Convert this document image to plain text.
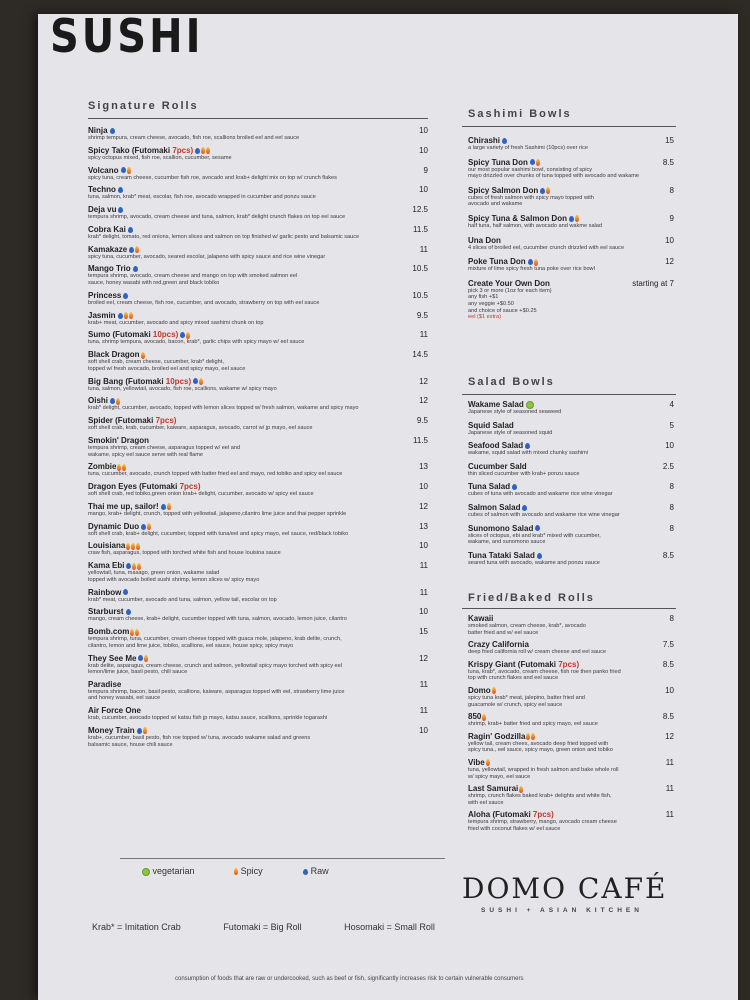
SUSHI
Signature Rolls
Ninja
shrimp tempura, cream cheese, avocado, fish roe, scallions broiled eel and eel sauce
10
Spicy Tako (Futomaki 7pcs)
spicy octopus mixed, fish roe, scallion, cucumber, sesame
10
Volcano
spicy tuna, cream cheese, cucumber fish roe, avocado and krab+ delight mix on top w/ crunch flakes
9
Techno
tuna, salmon, krab* meat, escolar, fish roe, avocado wrapped in cucumber and ponzu sauce
10
Deja vu
tempura shrimp, avocado, cream cheese and tuna, salmon, krab* delight crunch flakes on top eel sauce
12.5
Cobra Kai
krab* delight, tomato, red onions, lemon slices and salmon on top finished w/ garlic pesto and balsamic sauce
11.5
Kamakaze
spicy tuna, cucumber, avocado, seared escolar, jalapeno with spicy sauce and rice wine vinegar
11
Mango Trio
tempura shrimp, avocado, cream cheese and mango on top with smoked salmon eel
sauce, honey wasabi with red,green and black tobiko
10.5
Princess
broiled eel, cream cheese, fish roe, cucumber, and avocado, strawberry on top with eel sauce
10.5
Jasmin
krab+ meat, cucumber, avocado and spicy mixed sashimi chunk on top
9.5
Sumo (Futomaki 10pcs)
tuna, shrimp tempura, avocado, bacon, krab*, garlic chips with spicy mayo w/ eel sauce
11
Black Dragon
soft shell crab, cream cheese, cucumber, krab* delight,
topped w/ fresh avocado, broiled eel and spicy mayo, eel sauce
14.5
Big Bang (Futomaki 10pcs)
tuna, salmon, yellowtail, avocado, fish roe, scallions, wakame w/ spicy mayo
12
Oishi
krab* delight, cucumber, avocado, topped with lemon slices topped w/ fresh salmon, wakame and spicy mayo
12
Spider (Futomaki 7pcs)
soft shell crab, krab, cucumber, kaiware, asparagus, avocado, carrot w/ jp mayo, eel sauce
9.5
Smokin' Dragon
tempura shrimp, cream cheese, asparagus topped w/ eel and
wakame, spicy eel sauce serve with real flame
11.5
Zombie
tuna, cucumber, avocado, crunch topped with batter fried eel and mayo, red tobiko and spicy eel sauce
13
Dragon Eyes (Futomaki 7pcs)
soft shell crab, red tobiko,green onion krab+ delight, cucumber, avocado w/ spicy eel sauce
10
Thai me up, sailor!
mango, krab+ delight, crunch, topped with yellowtail, jalapeno,cilantro lime juice and thai pepper sprinkle
12
Dynamic Duo
soft shell crab, krab+ delight, cucumber, topped with tuna/eel and spicy mayo, eel sauce, red/black tobiko
13
Louisiana
craw fish, asparagus, topped with torched white fish and house louisina sauce
10
Kama Ebi
yellowtail, tuna, masago, green onion, wakame salad
topped with avocado boiled sushi shrimp, lemon slices w/ spicy mayo
11
Rainbow
krab* meat, cucumber, avocado and tuna, salmon, yellow tail, escolar on top
11
Starburst
mango, cream cheese, krab+ delight, cucumber topped with tuna, salmon, avocado, lemon juice, cilantro
10
Bomb.com
tempura shrimp, tuna, cucumber, cream cheese topped with guaca mole, jalapeno, krab delite, crunch,
cilantro, lemon and lime juice, tobiko, scallions, eel sauce, house spicy, spicy mayo
15
They See Me
krab delite, asparagus, cream cheese, crunch and salmon, yellowtail spicy mayo torched with spicy eel
lemon/lime juice, basil pesto, chili sauce
12
Paradise
tempura shrimp, bacon, basil pesto, scallions, kaiware, asparagus topped with eel, strawberry lime juice
and honey wasabi, eel sauce
11
Air Force One
krab, cucumber, avocado topped w/ katsu fish jp mayo, katsu sauce, scallions, sprinkle togarashi
11
Money Train
krab+, cucumber, basil pesto, fish roe topped w/ tuna, avocado wakame salad and greens
balsamic sauce, house chili sauce
10
Sashimi Bowls
Chirashi
a large variety of fresh Sashimi (10pcs) over rice
15
Spicy Tuna Don
our most popular sashimi bowl, consisting of spicy
mayo drizzled over chunks of tuna topped with avocado and wakame
8.5
Spicy Salmon Don
cubes of fresh salmon with spicy mayo topped with
avocado and wakame
8
Spicy Tuna & Salmon Don
half tuna, half salmon, with avocado and wakme salad
9
Una Don
4 slices of broiled eel, cucumber crunch drizzled with eel sauce
10
Poke Tuna Don
mixture of lime spicy fresh tuna poke over rice bowl
12
Create Your Own Don
pick 3 or more (1oz for each item)
any fish +$1
any veggie +$0.50
and choice of sauce +$0.25
eel ($1 extra)
starting at 7
Salad Bowls
Wakame Salad
Japanese style of seasoned seaweed
4
Squid Salad
Japanese style of seasoned squid
5
Seafood Salad
wakame, squid salad with mixed chunky sashimi
10
Cucumber Sald
thin sliced cucumber with krab+ ponzu sauce
2.5
Tuna Salad
cubes of tuna with avocado and wakame rice wine vinegar
8
Salmon Salad
cubes of salmon with avocado and wakame rice wine vinegar
8
Sunomono Salad
slices of octopus, ebi and krab* mixed with cucumber,
wakame, and sunomono sauce
8
Tuna Tataki Salad
seared tuna with avocado, wakame and ponzu sauce
8.5
Fried/Baked Rolls
Kawaii
smoked salmon, cream cheese, krab*, avocado
batter fried and w/ eel sauce
8
Crazy California
deep fried california roll w/ cream cheese and eel sauce
7.5
Krispy Giant (Futomaki 7pcs)
tuna, krab*, avocado, cream cheese, fish roe then panko fried
top with crunch flakes and eel sauce
8.5
Domo
spicy tuna krab* meat, jalepino, batter fried and
guacamole w/ crunch, spicy eel sauce
10
850
shrimp, krab+ batter fried and spicy mayo, eel sauce
8.5
Ragin' Godzilla
yellow tail, cream chees, avocado deep fried topped with
spicy tuna., eel sauce, spicy mayo, green onion and tobiko
12
Vibe
tuna, yellowtail, wrapped in fresh salmon and bake whole roll
w/ spicy mayo, eel sauce
11
Last Samurai
shrimp, crunch flakes baked krab+ delights and white fish,
with eel sauce
11
Aloha (Futomaki 7pcs)
tempura shrimp, strawberry, mango, avocado cream cheese
fried with coconut flakes w/ eel sauce
11
vegetarian	Spicy	Raw
Krab* = Imitation Crab	Futomaki = Big Roll	Hosomaki = Small Roll
DOMO CAFÉ
SUSHI + ASIAN KITCHEN
consumption of foods that are raw or undercooked, such as beef or fish, significantly increases risk to certain vulnerable consumers
